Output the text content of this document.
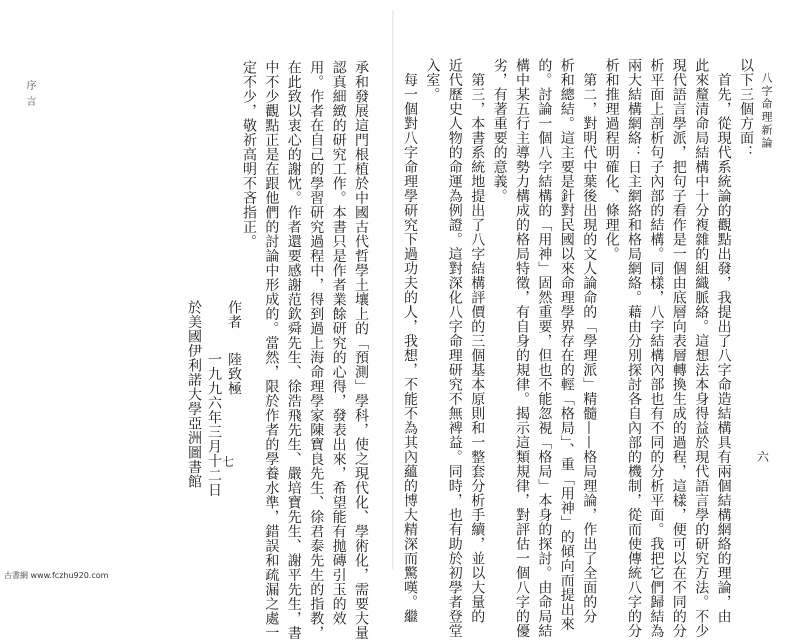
八字命理新論
六
以下三個方面：
　首先，從現代系統論的觀點出發，我提出了八字命造結構具有兩個結構網絡的理論，由
此來釐清命局結構中十分複雜的組織脈絡。這想法本身得益於現代語言學的研究方法。不少
現代語言學派，把句子看作是一個由底層向表層轉換生成的過程，這樣，便可以在不同的分
析平面上剖析句子內部的結構。同樣，八字結構內部也有不同的分析平面。我把它們歸結為
兩大結構網絡：日主網絡和格局網絡。藉由分別探討各自內部的機制，從而使傳統八字的分
析和推理過程明確化、條理化。
　第二，對明代中葉後出現的文人論命的「學理派」精髓——格局理論，作出了全面的分
析和總結。這主要是針對民國以來命理學界存在的輕「格局」、重「用神」的傾向而提出來
的。討論一個八字結構的「用神」固然重要，但也不能忽視「格局」本身的探討。由命局結
構中某五行主導勢力構成的格局特徵，有自身的規律。揭示這類規律，對評估一個八字的優
劣，有著重要的意義。
　第三，本書系統地提出了八字結構評價的三個基本原則和一整套分析手續，並以大量的
近代歷史人物的命運為例證。這對深化八字命理研究不無裨益。同時，也有助於初學者登堂
入室。
　每一個對八字命理學研究下過功夫的人，我想，不能不為其內蘊的博大精深而驚嘆。繼
序言
七	承和發展這門根植於中國古代哲學土壤上的「預測」學科，使之現代化、學術化，需要大量
認真細緻的研究工作。本書只是作者業餘研究的心得，發表出來，希望能有拋磚引玉的效
用。作者在自己的學習研究過程中，得到過上海命理學家陳寶良先生、徐君泰先生的指教，
在此致以衷心的謝忱。作者還要感謝范欽舜先生、徐浩飛先生、嚴培寶先生、謝平先生，書
中不少觀點正是在跟他們的討論中形成的。當然，限於作者的學養水準，錯誤和疏漏之處一
定不少，敬祈高明不吝指正。
作者
陸致極
一九九六年三月十二日
於美國伊利諾大學亞洲圖書館
古書網 www.fczhu920.com
